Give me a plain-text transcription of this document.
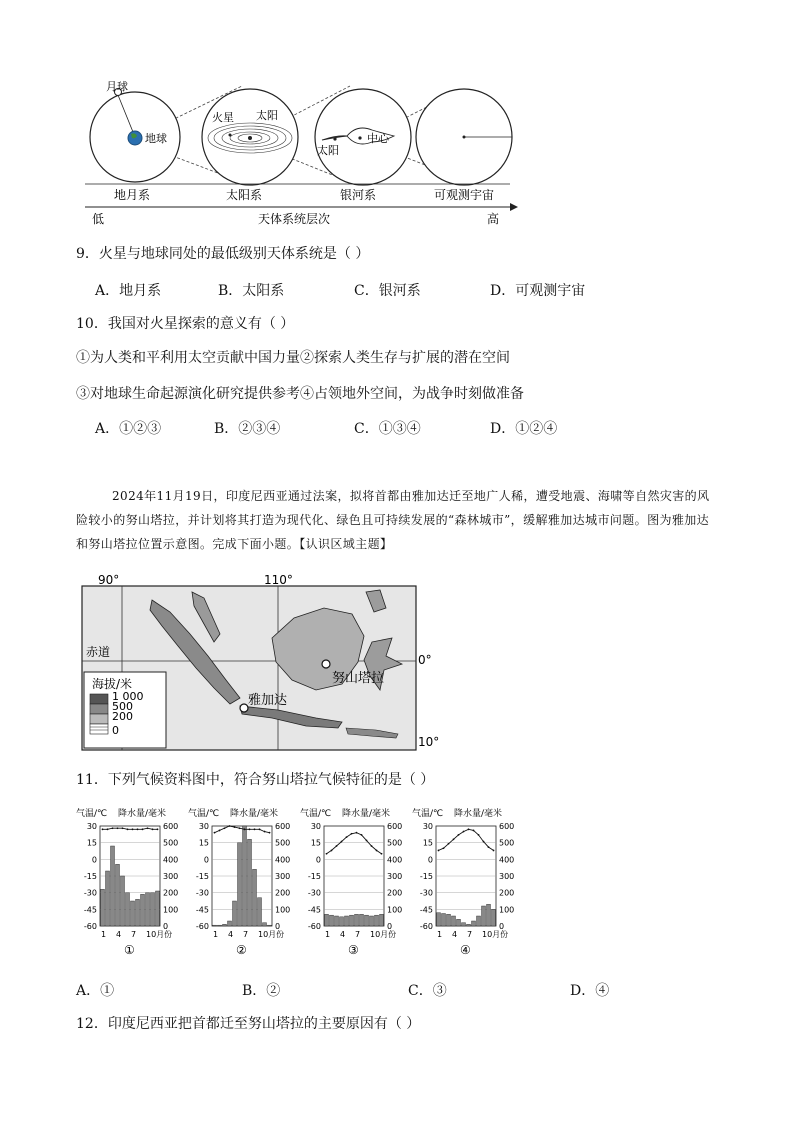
月球
地球
火星 太阳
太阳
中心
地月系	太阳系	银河系	可观测宇宙
低	天体系统层次	高
9．火星与地球同处的最低级别天体系统是（ ）
A．地月系	B．太阳系	C．银河系	D．可观测宇宙
10．我国对火星探索的意义有（ ）
①为人类和平利用太空贡献中国力量②探索人类生存与扩展的潜在空间
③对地球生命起源演化研究提供参考④占领地外空间，为战争时刻做准备
A．①②③	B．②③④	C．①③④	D．①②④
2024年11月19日，印度尼西亚通过法案，拟将首都由雅加达迁至地广人稀，遭受地震、海啸等自然灾害的风险较小的努山塔拉，并计划将其打造为现代化、绿色且可持续发展的“森林城市”，缓解雅加达城市问题。图为雅加达和努山塔拉位置示意图。完成下面小题。【认识区域主题】
努山塔拉
雅加达
90°	110°
赤道
0°
10°
海拔/米
1 000
500
200
0
11．下列气候资料图中，符合努山塔拉气候特征的是（ ）
气温/℃ 降水量/毫米
30	600
15	500
0	400
-15	300
-30	200
-45	100
-60	0
1 4 7 10月份
①
气温/℃ 降水量/毫米
30	600
15	500
0	400
-15	300
-30	200
-45	100
-60	0
1 4 7 10月份
②
气温/℃ 降水量/毫米
30	600
15	500
0	400
-15	300
-30	200
-45	100
-60	0
1 4 7 10月份
③
气温/℃ 降水量/毫米
30	600
15	500
0	400
-15	300
-30	200
-45	100
-60	0
1 4 7 10月份
④
A．①	B．②	C．③	D．④
12．印度尼西亚把首都迁至努山塔拉的主要原因有（ ）
